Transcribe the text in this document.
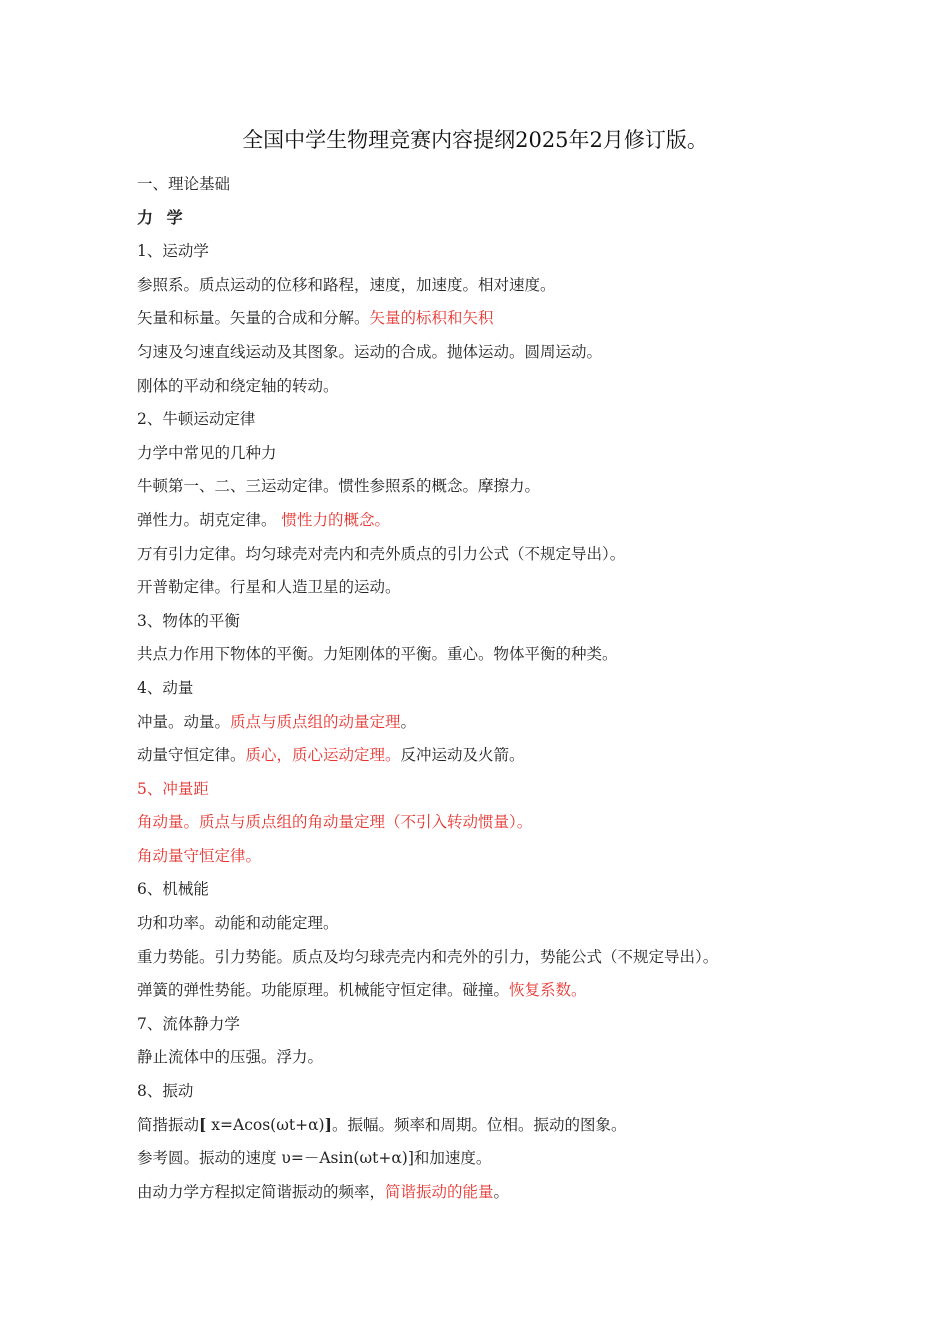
全国中学生物理竞赛内容提纲2025年2月修订版。
一、理论基础
力 学
1、运动学
参照系。质点运动的位移和路程，速度，加速度。相对速度。
矢量和标量。矢量的合成和分解。矢量的标积和矢积
匀速及匀速直线运动及其图象。运动的合成。抛体运动。圆周运动。
刚体的平动和绕定轴的转动。
2、牛顿运动定律
力学中常见的几种力
牛顿第一、二、三运动定律。惯性参照系的概念。摩擦力。
弹性力。胡克定律。 惯性力的概念。
万有引力定律。均匀球壳对壳内和壳外质点的引力公式（不规定导出）。
开普勒定律。行星和人造卫星的运动。
3、物体的平衡
共点力作用下物体的平衡。力矩刚体的平衡。重心。物体平衡的种类。
4、动量
冲量。动量。质点与质点组的动量定理。
动量守恒定律。质心，质心运动定理。反冲运动及火箭。
5、冲量距
角动量。质点与质点组的角动量定理（不引入转动惯量）。
角动量守恒定律。
6、机械能
功和功率。动能和动能定理。
重力势能。引力势能。质点及均匀球壳壳内和壳外的引力，势能公式（不规定导出）。
弹簧的弹性势能。功能原理。机械能守恒定律。碰撞。恢复系数。
7、流体静力学
静止流体中的压强。浮力。
8、振动
简揩振动[ x=Acos(ωt+α)]。振幅。频率和周期。位相。振动的图象。
参考圆。振动的速度 υ=－Asin(ωt+α)]和加速度。
由动力学方程拟定简谐振动的频率，简谐振动的能量。
